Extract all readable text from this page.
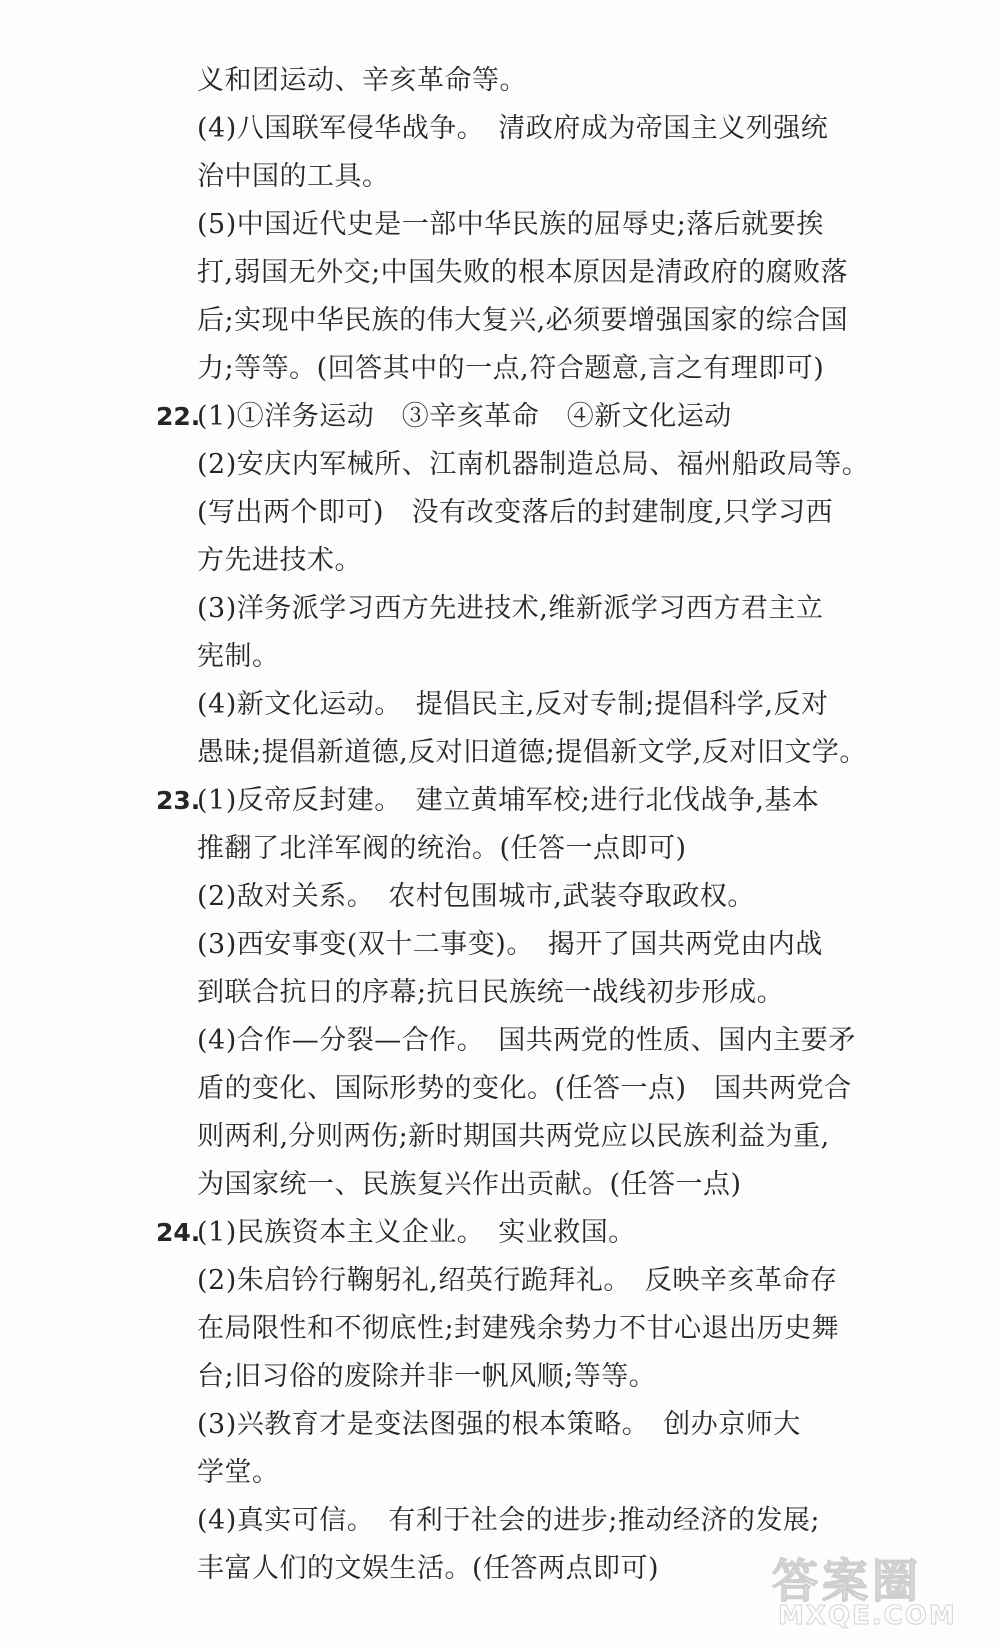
义和团运动、辛亥革命等。
(4)八国联军侵华战争。　清政府成为帝国主义列强统
治中国的工具。
(5)中国近代史是一部中华民族的屈辱史;落后就要挨
打,弱国无外交;中国失败的根本原因是清政府的腐败落
后;实现中华民族的伟大复兴,必须要增强国家的综合国
力;等等。(回答其中的一点,符合题意,言之有理即可)
22.
(1)①洋务运动　③辛亥革命　④新文化运动
(2)安庆内军械所、江南机器制造总局、福州船政局等。
(写出两个即可)　没有改变落后的封建制度,只学习西
方先进技术。
(3)洋务派学习西方先进技术,维新派学习西方君主立
宪制。
(4)新文化运动。　提倡民主,反对专制;提倡科学,反对
愚昧;提倡新道德,反对旧道德;提倡新文学,反对旧文学。
23.
(1)反帝反封建。　建立黄埔军校;进行北伐战争,基本
推翻了北洋军阀的统治。(任答一点即可)
(2)敌对关系。　农村包围城市,武装夺取政权。
(3)西安事变(双十二事变)。　揭开了国共两党由内战
到联合抗日的序幕;抗日民族统一战线初步形成。
(4)合作—分裂—合作。　国共两党的性质、国内主要矛
盾的变化、国际形势的变化。(任答一点)　国共两党合
则两利,分则两伤;新时期国共两党应以民族利益为重,
为国家统一、民族复兴作出贡献。(任答一点)
24.
(1)民族资本主义企业。　实业救国。
(2)朱启钤行鞠躬礼,绍英行跪拜礼。　反映辛亥革命存
在局限性和不彻底性;封建残余势力不甘心退出历史舞
台;旧习俗的废除并非一帆风顺;等等。
(3)兴教育才是变法图强的根本策略。　创办京师大
学堂。
(4)真实可信。　有利于社会的进步;推动经济的发展;
丰富人们的文娱生活。(任答两点即可) 答案圈
MXQE.COM
